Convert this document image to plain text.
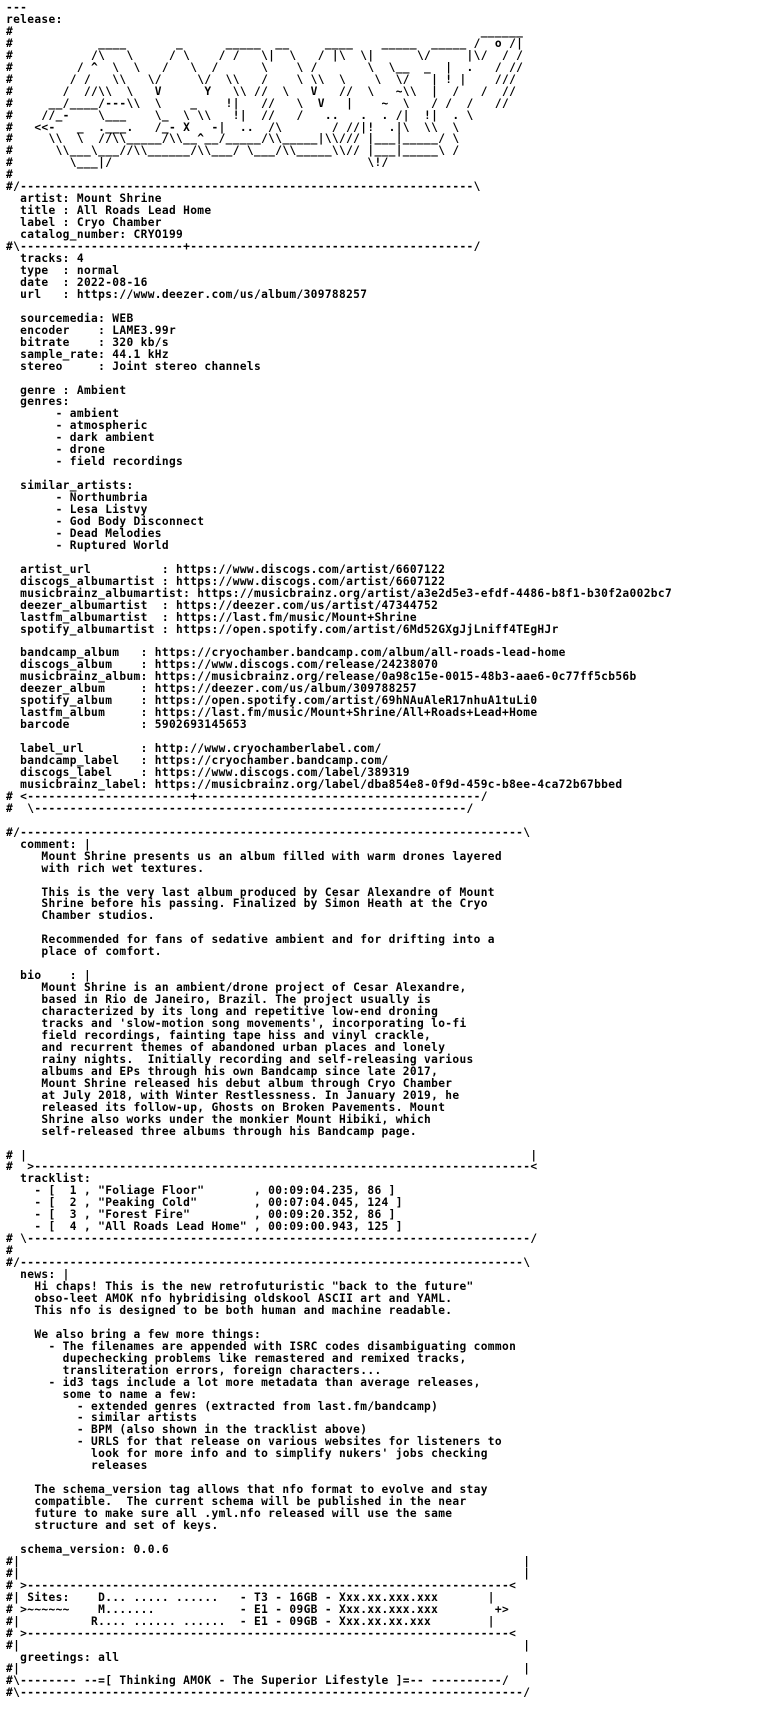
---
release:
#                                                                  ______
#            ____       _      _____  __     ____    _____  _____ /  o /|
#           /\   \     / \    / /   \|  \   / |\  \|      \/     |\/  / /
#         / ^  \  \   /   \  /      \    \ /       \  \__  _  |  .   / //
#        / /   \\   \/     \/  \\   /    \ \\  \    \  \/   | ! |    ///
#       /  //\\  \   V      Y   \\ //  \   V   //  \   ~\\  |  /   /  //
#     __/____/---\\  \    _    !|   //   \  V   |    ~  \   / /  /   //
#    //_-    \___    \_  \ \\   !|  //   /   ..   .  . /|  !|  . \
#   <<-   _  .___.   /_- X   -|  ..  /\       / //|!  .|\  \\  \
#     \\  \  //\\_____/\\__^__/_____/\\_____|\\/// |___|_____/ \
#      \\___\___//\\______/\\___/ \___/\\_____\\// |___|_____\ /
#        \___|/                                    \!/
#
#/----------------------------------------------------------------\
artist: Mount Shrine
title : All Roads Lead Home
label : Cryo Chamber
catalog_number: CRYO199
#\-----------------------+----------------------------------------/
tracks: 4
type  : normal
date  : 2022-08-16
url   : https://www.deezer.com/us/album/309788257

sourcemedia: WEB
encoder    : LAME3.99r
bitrate    : 320 kb/s
sample_rate: 44.1 kHz
stereo     : Joint stereo channels

genre : Ambient
genres:
- ambient
- atmospheric
- dark ambient
- drone
- field recordings

similar_artists:
- Northumbria
- Lesa Listvy
- God Body Disconnect
- Dead Melodies
- Ruptured World

artist_url          : https://www.discogs.com/artist/6607122
discogs_albumartist : https://www.discogs.com/artist/6607122
musicbrainz_albumartist: https://musicbrainz.org/artist/a3e2d5e3-efdf-4486-b8f1-b30f2a002bc7
deezer_albumartist  : https://deezer.com/us/artist/47344752
lastfm_albumartist  : https://last.fm/music/Mount+Shrine
spotify_albumartist : https://open.spotify.com/artist/6Md52GXgJjLniff4TEgHJr

bandcamp_album   : https://cryochamber.bandcamp.com/album/all-roads-lead-home
discogs_album    : https://www.discogs.com/release/24238070
musicbrainz_album: https://musicbrainz.org/release/0a98c15e-0015-48b3-aae6-0c77ff5cb56b
deezer_album     : https://deezer.com/us/album/309788257
spotify_album    : https://open.spotify.com/artist/69hNAuAleR17nhuA1tuLi0
lastfm_album     : https://last.fm/music/Mount+Shrine/All+Roads+Lead+Home
barcode          : 5902693145653

label_url        : http://www.cryochamberlabel.com/
bandcamp_label   : https://cryochamber.bandcamp.com/
discogs_label    : https://www.discogs.com/label/389319
musicbrainz_label: https://musicbrainz.org/label/dba854e8-0f9d-459c-b8ee-4ca72b67bbed
# <-----------------------+----------------------------------------/
#  \-------------------------------------------------------------/

#/-----------------------------------------------------------------------\
comment: |
Mount Shrine presents us an album filled with warm drones layered
with rich wet textures.

This is the very last album produced by Cesar Alexandre of Mount
Shrine before his passing. Finalized by Simon Heath at the Cryo
Chamber studios.

Recommended for fans of sedative ambient and for drifting into a
place of comfort.

bio    : |
Mount Shrine is an ambient/drone project of Cesar Alexandre,
based in Rio de Janeiro, Brazil. The project usually is
characterized by its long and repetitive low-end droning
tracks and 'slow-motion song movements', incorporating lo-fi
field recordings, fainting tape hiss and vinyl crackle,
and recurrent themes of abandoned urban places and lonely
rainy nights.  Initially recording and self-releasing various
albums and EPs through his own Bandcamp since late 2017,
Mount Shrine released his debut album through Cryo Chamber
at July 2018, with Winter Restlessness. In January 2019, he
released its follow-up, Ghosts on Broken Pavements. Mount
Shrine also works under the monkier Mount Hibiki, which
self-released three albums through his Bandcamp page.

# |                                                                       |
#  >----------------------------------------------------------------------<
tracklist:
- [  1 , "Foliage Floor"       , 00:09:04.235, 86 ]
- [  2 , "Peaking Cold"        , 00:07:04.045, 124 ]
- [  3 , "Forest Fire"         , 00:09:20.352, 86 ]
- [  4 , "All Roads Lead Home" , 00:09:00.943, 125 ]
# \-----------------------------------------------------------------------/
#
#/-----------------------------------------------------------------------\
news: |
Hi chaps! This is the new retrofuturistic "back to the future"
obso-leet AMOK nfo hybridising oldskool ASCII art and YAML.
This nfo is designed to be both human and machine readable.

We also bring a few more things:
- The filenames are appended with ISRC codes disambiguating common
dupechecking problems like remastered and remixed tracks,
transliteration errors, foreign characters...
- id3 tags include a lot more metadata than average releases,
some to name a few:
- extended genres (extracted from last.fm/bandcamp)
- similar artists
- BPM (also shown in the tracklist above)
- URLS for that release on various websites for listeners to
look for more info and to simplify nukers' jobs checking
releases

The schema_version tag allows that nfo format to evolve and stay
compatible.  The current schema will be published in the near
future to make sure all .yml.nfo released will use the same
structure and set of keys.

schema_version: 0.0.6
#|                                                                       |
#|                                                                       |
# >--------------------------------------------------------------------<
#| Sites:    D... ..... ......   - T3 - 16GB - Xxx.xx.xxx.xxx       |
# >~~~~~~    M.......            - E1 - 09GB - Xxx.xx.xxx.xxx        +>
#|          R.... ...... ......  - E1 - 09GB - Xxx.xx.xx.xxx        |
# >--------------------------------------------------------------------<
#|                                                                       |
greetings: all
#|                                                                       |
#\-------- --=[ Thinking AMOK - The Superior Lifestyle ]=-- ----------/
#\-----------------------------------------------------------------------/
